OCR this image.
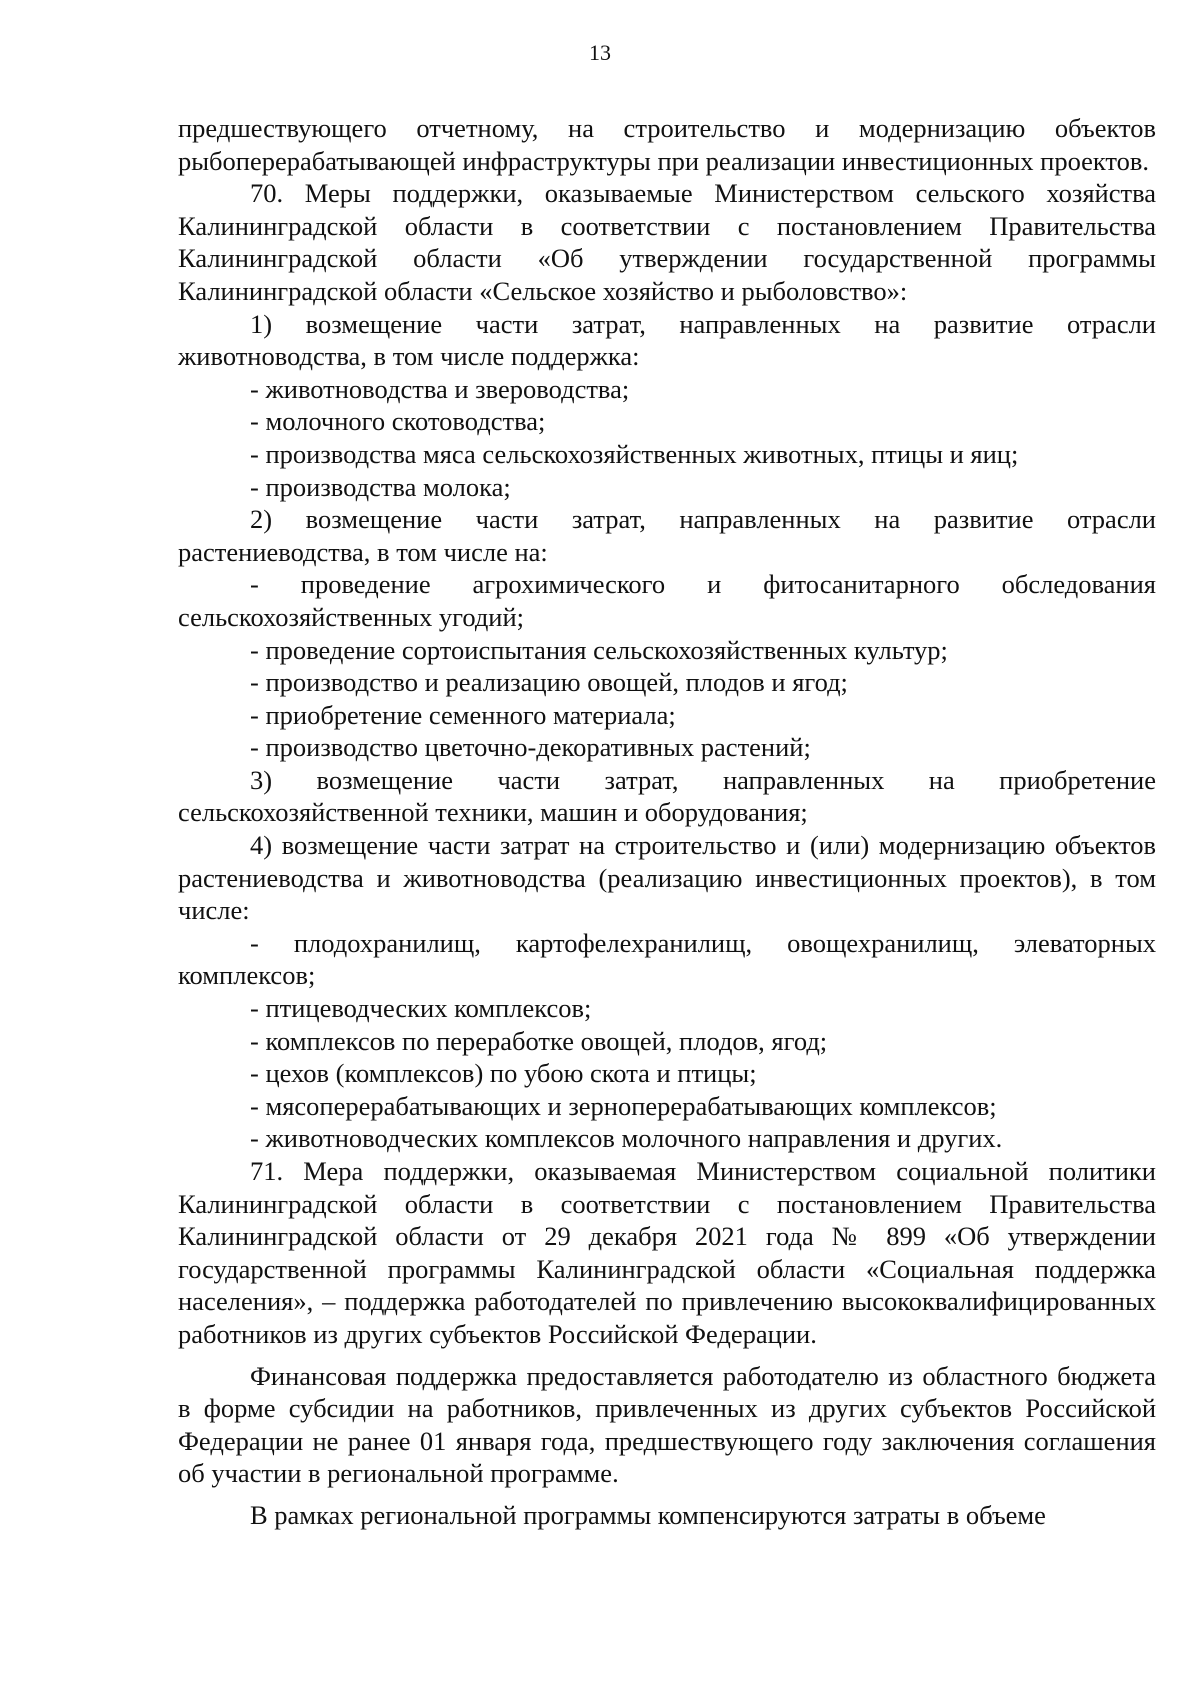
13

предшествующего отчетному, на строительство и модернизацию объектов рыбоперерабатывающей инфраструктуры при реализации инвестиционных проектов.

70. Меры поддержки, оказываемые Министерством сельского хозяйства Калининградской области в соответствии с постановлением Правительства Калининградской области «Об утверждении государственной программы Калининградской области «Сельское хозяйство и рыболовство»:

1) возмещение части затрат, направленных на развитие отрасли животноводства, в том числе поддержка:

- животноводства и звероводства;

- молочного скотоводства;

- производства мяса сельскохозяйственных животных, птицы и яиц;

- производства молока;

2) возмещение части затрат, направленных на развитие отрасли растениеводства, в том числе на:

- проведение агрохимического и фитосанитарного обследования сельскохозяйственных угодий;

- проведение сортоиспытания сельскохозяйственных культур;

- производство и реализацию овощей, плодов и ягод;

- приобретение семенного материала;

- производство цветочно-декоративных растений;

3) возмещение части затрат, направленных на приобретение сельскохозяйственной техники, машин и оборудования;

4) возмещение части затрат на строительство и (или) модернизацию объектов растениеводства и животноводства (реализацию инвестиционных проектов), в том числе:

- плодохранилищ, картофелехранилищ, овощехранилищ, элеваторных комплексов;

- птицеводческих комплексов;

- комплексов по переработке овощей, плодов, ягод;

- цехов (комплексов) по убою скота и птицы;

- мясоперерабатывающих и зерноперерабатывающих комплексов;

- животноводческих комплексов молочного направления и других.

71. Мера поддержки, оказываемая Министерством социальной политики Калининградской области в соответствии с постановлением Правительства Калининградской области от 29 декабря 2021 года № 899 «Об утверждении государственной программы Калининградской области «Социальная поддержка населения», – поддержка работодателей по привлечению высококвалифицированных работников из других субъектов Российской Федерации.

Финансовая поддержка предоставляется работодателю из областного бюджета в форме субсидии на работников, привлеченных из других субъектов Российской Федерации не ранее 01 января года, предшествующего году заключения соглашения об участии в региональной программе.

В рамках региональной программы компенсируются затраты в объеме
